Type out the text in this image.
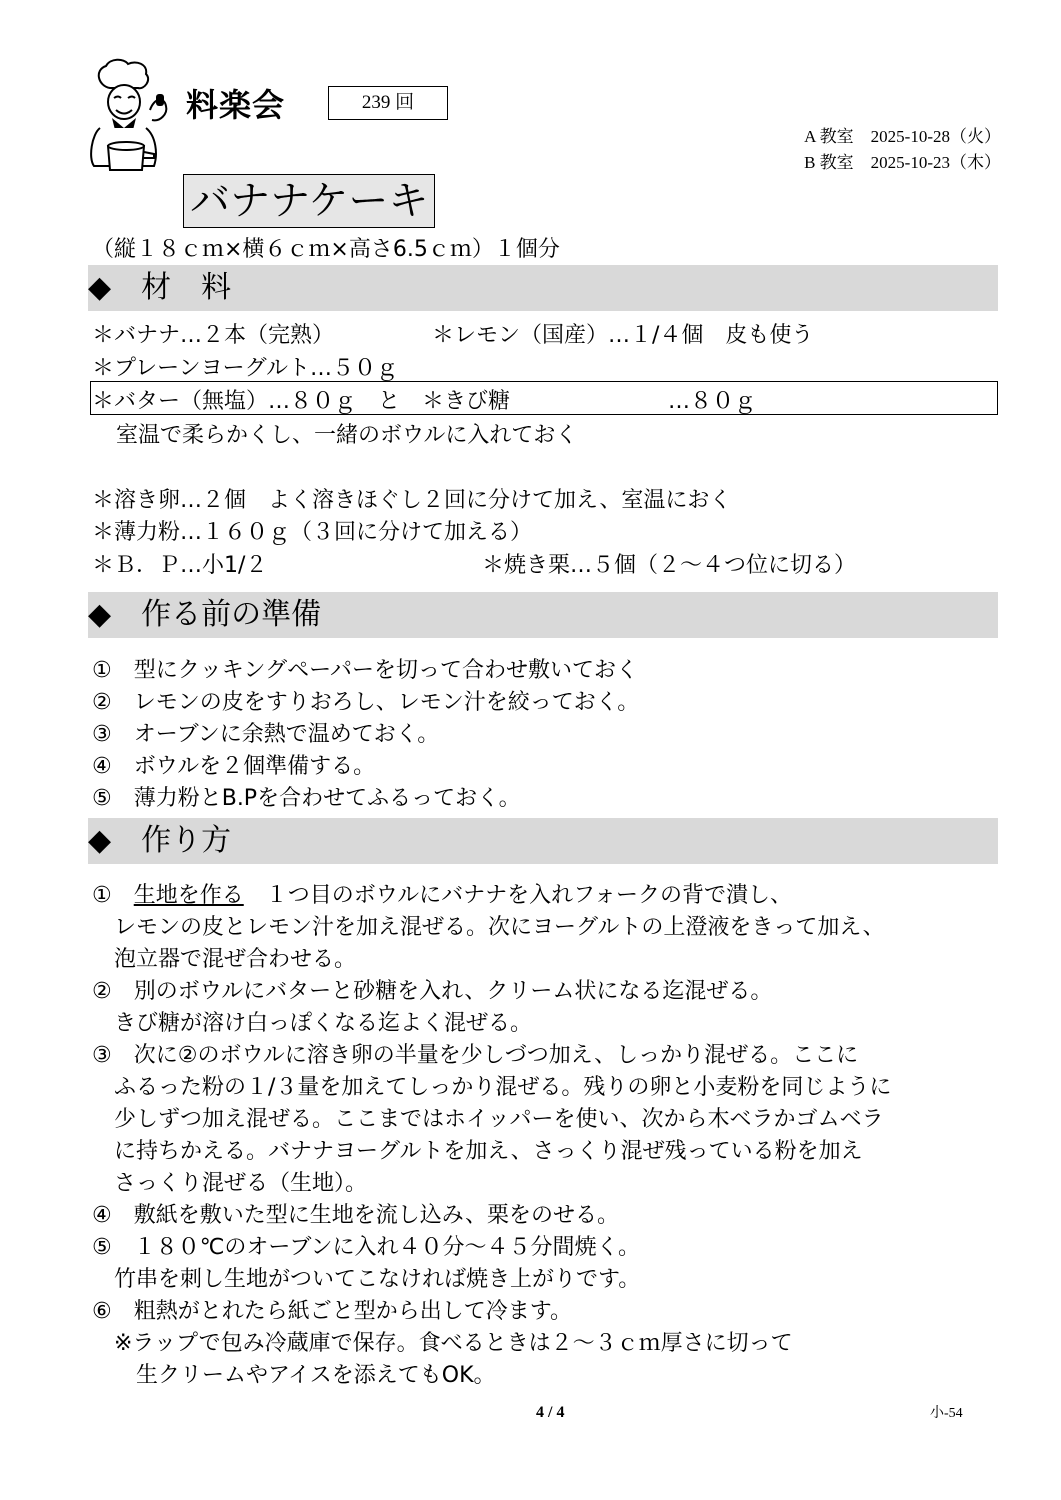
料楽会	239 回
A 教室　2025-10-28（火）
B 教室　2025-10-23（木）
バナナケーキ
（縦１８ｃｍ×横６ｃｍ×高さ6.5ｃｍ）１個分
◆　材　料
＊バナナ…２本（完熟）	＊レモン（国産）…１/４個　皮も使う
＊プレーンヨーグルト…５０ｇ
＊バター（無塩）…８０ｇ　と　＊きび糖	…８０ｇ
室温で柔らかくし、一緒のボウルに入れておく
＊溶き卵…２個　よく溶きほぐし２回に分けて加え、室温におく
＊薄力粉…１６０ｇ（３回に分けて加える）
＊Ｂ．Ｐ…小1/２	＊焼き栗…５個（２～４つ位に切る）
◆　作る前の準備
①　型にクッキングペーパーを切って合わせ敷いておく
②　レモンの皮をすりおろし、レモン汁を絞っておく。
③　オーブンに余熱で温めておく。
④　ボウルを２個準備する。
⑤　薄力粉とB.Pを合わせてふるっておく。
◆　作り方
①　生地を作る　１つ目のボウルにバナナを入れフォークの背で潰し、
　レモンの皮とレモン汁を加え混ぜる。次にヨーグルトの上澄液をきって加え、
　泡立器で混ぜ合わせる。
②　別のボウルにバターと砂糖を入れ、クリーム状になる迄混ぜる。
　きび糖が溶け白っぽくなる迄よく混ぜる。
③　次に②のボウルに溶き卵の半量を少しづつ加え、しっかり混ぜる。ここに
　ふるった粉の１/３量を加えてしっかり混ぜる。残りの卵と小麦粉を同じように
　少しずつ加え混ぜる。ここまではホイッパーを使い、次から木ベラかゴムベラ
　に持ちかえる。バナナヨーグルトを加え、さっくり混ぜ残っている粉を加え
　さっくり混ぜる（生地）。
④　敷紙を敷いた型に生地を流し込み、栗をのせる。
⑤　１８０℃のオーブンに入れ４０分～４５分間焼く。
　竹串を刺し生地がついてこなければ焼き上がりです。
⑥　粗熱がとれたら紙ごと型から出して冷ます。
　※ラップで包み冷蔵庫で保存。食べるときは２～３ｃｍ厚さに切って
　　生クリームやアイスを添えてもOK。
4 / 4	小-54
